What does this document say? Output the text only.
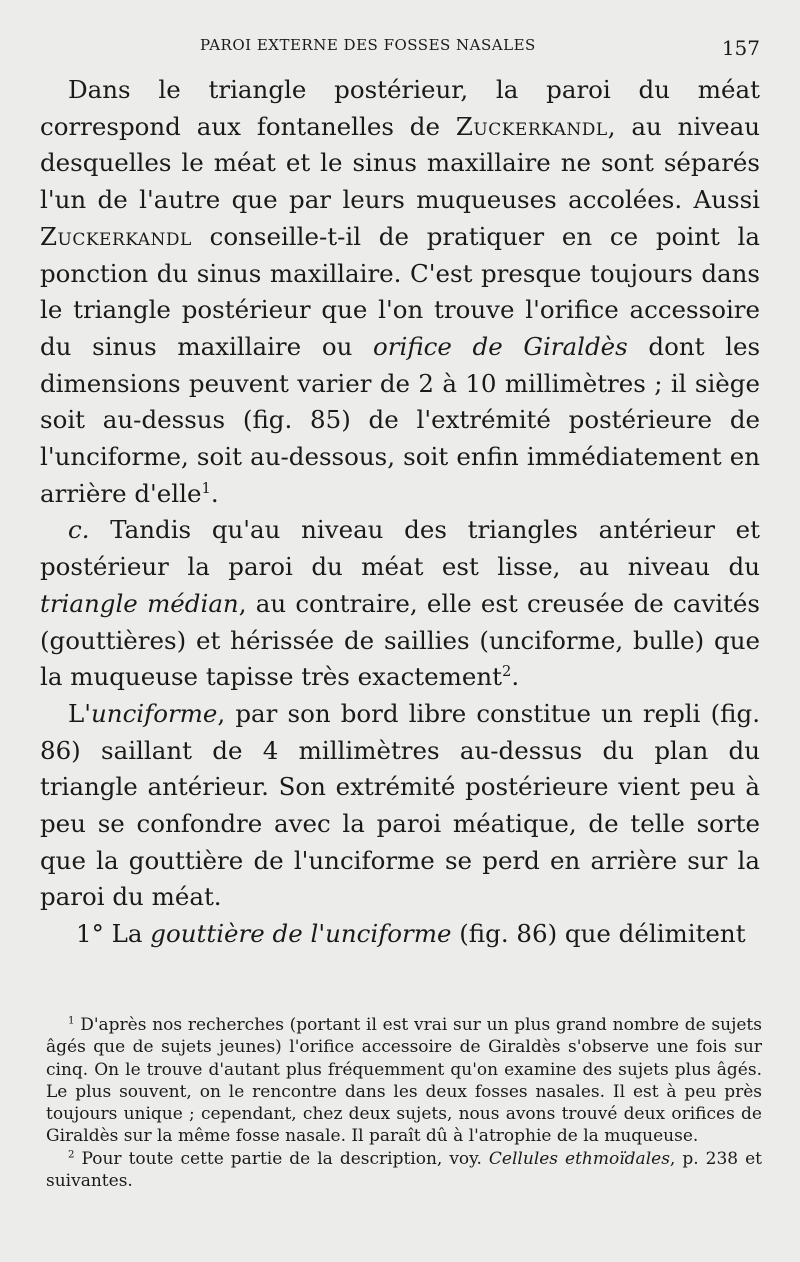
PAROI EXTERNE DES FOSSES NASALES	157

Dans le triangle postérieur, la paroi du méat correspond aux fontanelles de Zuckerkandl, au niveau desquelles le méat et le sinus maxillaire ne sont séparés l'un de l'autre que par leurs muqueuses accolées. Aussi Zuckerkandl conseille-t-il de pratiquer en ce point la ponction du sinus maxillaire. C'est presque toujours dans le triangle postérieur que l'on trouve l'orifice accessoire du sinus maxillaire ou orifice de Giraldès dont les dimensions peuvent varier de 2 à 10 millimètres ; il siège soit au-dessus (fig. 85) de l'extrémité postérieure de l'unciforme, soit au-dessous, soit enfin immédiatement en arrière d'elle$^1$.

c. Tandis qu'au niveau des triangles antérieur et postérieur la paroi du méat est lisse, au niveau du triangle médian, au contraire, elle est creusée de cavités (gouttières) et hérissée de saillies (unciforme, bulle) que la muqueuse tapisse très exactement$^2$.

L'unciforme, par son bord libre constitue un repli (fig. 86) saillant de 4 millimètres au-dessus du plan du triangle antérieur. Son extrémité postérieure vient peu à peu se confondre avec la paroi méatique, de telle sorte que la gouttière de l'unciforme se perd en arrière sur la paroi du méat.

1° La gouttière de l'unciforme (fig. 86) que délimitent

$^1$ D'après nos recherches (portant il est vrai sur un plus grand nombre de sujets âgés que de sujets jeunes) l'orifice accessoire de Giraldès s'observe une fois sur cinq. On le trouve d'autant plus fréquemment qu'on examine des sujets plus âgés. Le plus souvent, on le rencontre dans les deux fosses nasales. Il est à peu près toujours unique ; cependant, chez deux sujets, nous avons trouvé deux orifices de Giraldès sur la même fosse nasale. Il paraît dû à l'atrophie de la muqueuse.

$^2$ Pour toute cette partie de la description, voy. Cellules ethmoïdales, p. 238 et suivantes.
